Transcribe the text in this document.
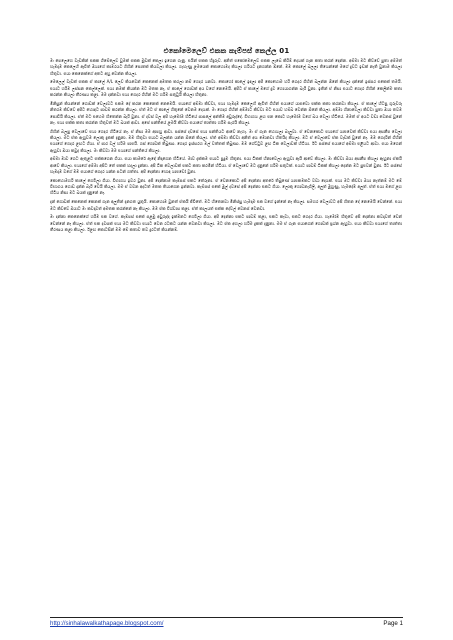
එකෝමෙලෙව් එකක කැම්පස් කෙල්ල 01

මං පෙලෙහෙ වැඩකින් එකක ගිමේලෙව් වුමක් එකක මුඩක් කෙලා ඉගෙන ගැනු. එයින් එකක හිදුරුව. අනිත් එකෝමෙලෙව් එකක ලැබේ කිරිම් දෙයක් ගැන කතා කරන් දෙන්න. අම්මා මට කිව්වේ පුතා අම්මත් හැමදාම කෙලෙහි ඇවිත් ඔයාගේ කාමරයට ගිහින් පොතක් කියවලා කියලා. ගැහැණු ළමයෙක් කොහොමද කියලා හරියට දැනගන්න ඕනේ. මම කොලේ බලලා තියෙන්නේ මගේ දුවට ඉඩක් නැති වුනාම කියලා හිතුවා. එයා කෙනෙක්ගේ අතට අහු වෙන්න කියලා.

මෙලෙල් වැඩක් එකක ඒ කාලේ A/L ලෙව් කියවෙන් කෙනෙක් අමතක කරලා නම් ගෙදර යනවා. කොහෝ කාලේ ඉඳලා අපි කොහොම හරි ගෙදර ගිහින් බලන්න ඕනේ කියලා දන්නේ ඉස්සර එකෙක් තමයි. එයාට හරිම ලස්සන කෙල්ලෙක්. එයා නමක් කියන්න මට මතක නෑ, ඒ කාලේ ගොඩක් අය වගේ නෙමෙයි. අපිට ඒ කාලේ මගේ දුව හොයාගන්න බැරි වුනා. ඉතින් ඒ නිසා එයාට ගෙදර ගිහින් කෙලින්ම කතා කරන්න කියලා තීරණය කළා. මම දන්නවා එයා ගෙදර ගිහින් මට හරිම සතුටුයි කියලා හිතුනා.

මිනිසුන් කියන්නේ ගොඩක් වෙලාවට එකම දේ කරන කෙනෙක් නෙමෙයි. එයාගේ අම්මා කිව්වා, එයා හැමදාම කෙලෙහි ඇවිත් ගිහින් එයාගේ යාළුවො එක්ක කතා කරනවා කියලා. ඒ කාලේ හිටපු ගුරුවරු නිතරම කිව්වේ අපිට හොඳට පාඩම් කරන්න කියලා. ඒත් මට ඒ කාලේ හිතුනේ වෙනම දෙයක්. මං ගෙදර ගිහින් අම්මාට කිව්වා මට එයාව හම්බ වෙන්න ඕනේ කියලා. අම්මා හිනාවෙලා කිව්වා පුතා ඔයා තවම පොඩියි කියලා. ඒත් මට එහෙම හිතෙන්න බැරි වුනා. ඒ දවස් වල අපි හැමෝම හිටියේ පාසලේ අන්තිම අවුරුද්දේ. විභාගය ළඟ එන කොට හැමෝම වගේ බය වෙලා හිටියේ. මමත් ඒ අයට වඩා වෙනස් වුනේ නෑ. එයා එක්ක කතා කරන්න හිතුවත් මට බයක් ආවා. අපේ පන්තියේ ළමයි කිව්වා එයාගේ තාත්තා හරිම සැරයි කියලා.

ගිහින් බලපු වෙලාවේ එයා ගෙදර හිටියේ නෑ. ඒ නිසා මම ආපහු ආවා. පස්සේ දවසේ එයා පන්තියට ආවේ නැහැ. මං ඒ ගැන හොයලා බැලුවා. ඒ වෙනකොට එයාගේ යාළුවෙක් කිව්වා එයා අසනීප වෙලා කියලා. මට ඒක ඇහුවම ලොකු දුකක් දැනුනා. මම හිතුවා එයාට බලන්න යන්න ඕනේ කියලා. ඒත් අම්මා කිව්වා අනිත් අය මොනවා හිතයිද කියලා. මට ඒ වෙලාවේ ඒක වැඩක් වුනේ නෑ. මම ගෙදරින් ගිහින් එයාගේ ගෙදර ළඟට ගියා. ඒ පාර වල් හරිම පාළුයි. ගස් ගොඩක් තිබුණා. ගෙදර ඉස්සරහ මල් වත්තක් තිබුණා. මම ගේට්ටුව ළඟ ටික වෙලාවක් හිටියා. ඊට පස්සේ එයාගේ අම්මා එළියට ආවා. එයා මගෙන් ඇහුවා ඔයා කවුද කියලා. මං කිව්වා මම එයාගේ පන්තියේ කියලා.

අම්මා මාව ගෙට ඇතුළට එක්කගෙන ගියා. එයා කාමරේ ඇඳේ නිදාගෙන හිටියේ. මාව දැක්කම එයාට පුදුම හිතුනා. එයා ටිකක් හිනාවෙලා ඇහුවා ඇයි ආවේ කියලා. මං කිව්වා ඔයා අසනීප කියලා ඇහුනා ඒකයි ආවේ කියලා. එයාගේ අම්මා අපිට තේ එකක් හදලා දුන්නා. අපි ටික වෙලාවක් එකට කතා කරමින් හිටියා. ඒ වෙලාවේ මට දැනුනේ හරිම සතුටක්. එයාට පාඩම් ටිකක් කියලා දෙන්න මට පුළුවන් වුනා. ඊට පස්සේ හැමදාම වගේ මම එයාගේ ගෙදර යන්න පටන් ගත්තා. අපි දෙන්නා හොඳ යාළුවෝ වුනා.

කොහොමහරි කාලේ ගෙවිලා ගියා. විභාගය ඉවර වුනා. අපි දෙන්නාම කැම්පස් එකට තේරුනා. ඒ වෙනකොට අපි දෙන්නා අතරේ තිබුණේ යාළුකමකට වඩා දෙයක්. එයා මට කිව්වා ඔයා නැත්නම් මට මේ විභාගය ගොඩ දාන්න බැරි වෙයි කියලා. මම ඒ වචන අදටත් මතක තියාගෙන ඉන්නවා. කැම්පස් එකේ මුල් දවසේ අපි දෙන්නා එකට ගියා. ලොකු ගොඩනැගිලි, අලුත් මුහුණු, හැමදේම අලුත්. ඒත් එයා මගේ ළඟ හිටිය නිසා මට බයක් දැනුනේ නෑ.

දැන් ගොඩක් කෙනෙක් කෙනක් ගැන අලුතින් දැනගත යුතුයි. කොහොම වුනත් ඒකයි ජීවිතේ. මට හිතෙනවා මිනිස්සු හැමදාම එක වගේ ඉන්නේ නෑ කියලා. සමහර වෙලාවට අපි හිතන දේ නෙමෙයි වෙන්නේ. එයා මට කිව්වේ ඔයාට මං කවදාවත් අමතක කරන්නේ නෑ කියලා. මම ඒක විශ්වාස කළා. ඒත් කාලයත් එක්ක දේවල් වෙනස් වෙනවා.

මං දන්නා කෙනෙක්ගේ හරිම එක වගේ. කැම්පස් එකේ පළමු අවුරුද්ද ඉක්මනට ගෙවිලා ගියා. අපි දෙන්නා එකට පාඩම් කළා, එකට කෑවා, එකට ගෙදර ගියා. හැමෝම හිතුවේ අපි දෙන්නා කවදාවත් වෙන් වෙන්නේ නෑ කියලා. ඒත් එක දවසක් එයා මට කිව්වා එයාට වෙන රටකට යන්න වෙනවා කියලා. මට ඒක අහලා හරිම දුකක් දැනුනා. මම ඒ ගැන එයාගෙන් ගොඩක් ප්‍රශ්න ඇහුවා. එයා කිව්වා එයාගේ තාත්තා තීරණය කළා කියලා. ඊළඟ කොටසින් මම මේ කතාව තව දුරටත් කියන්නම්.

http://sinhalawalkathapage.blogspot.com/	Page 1
